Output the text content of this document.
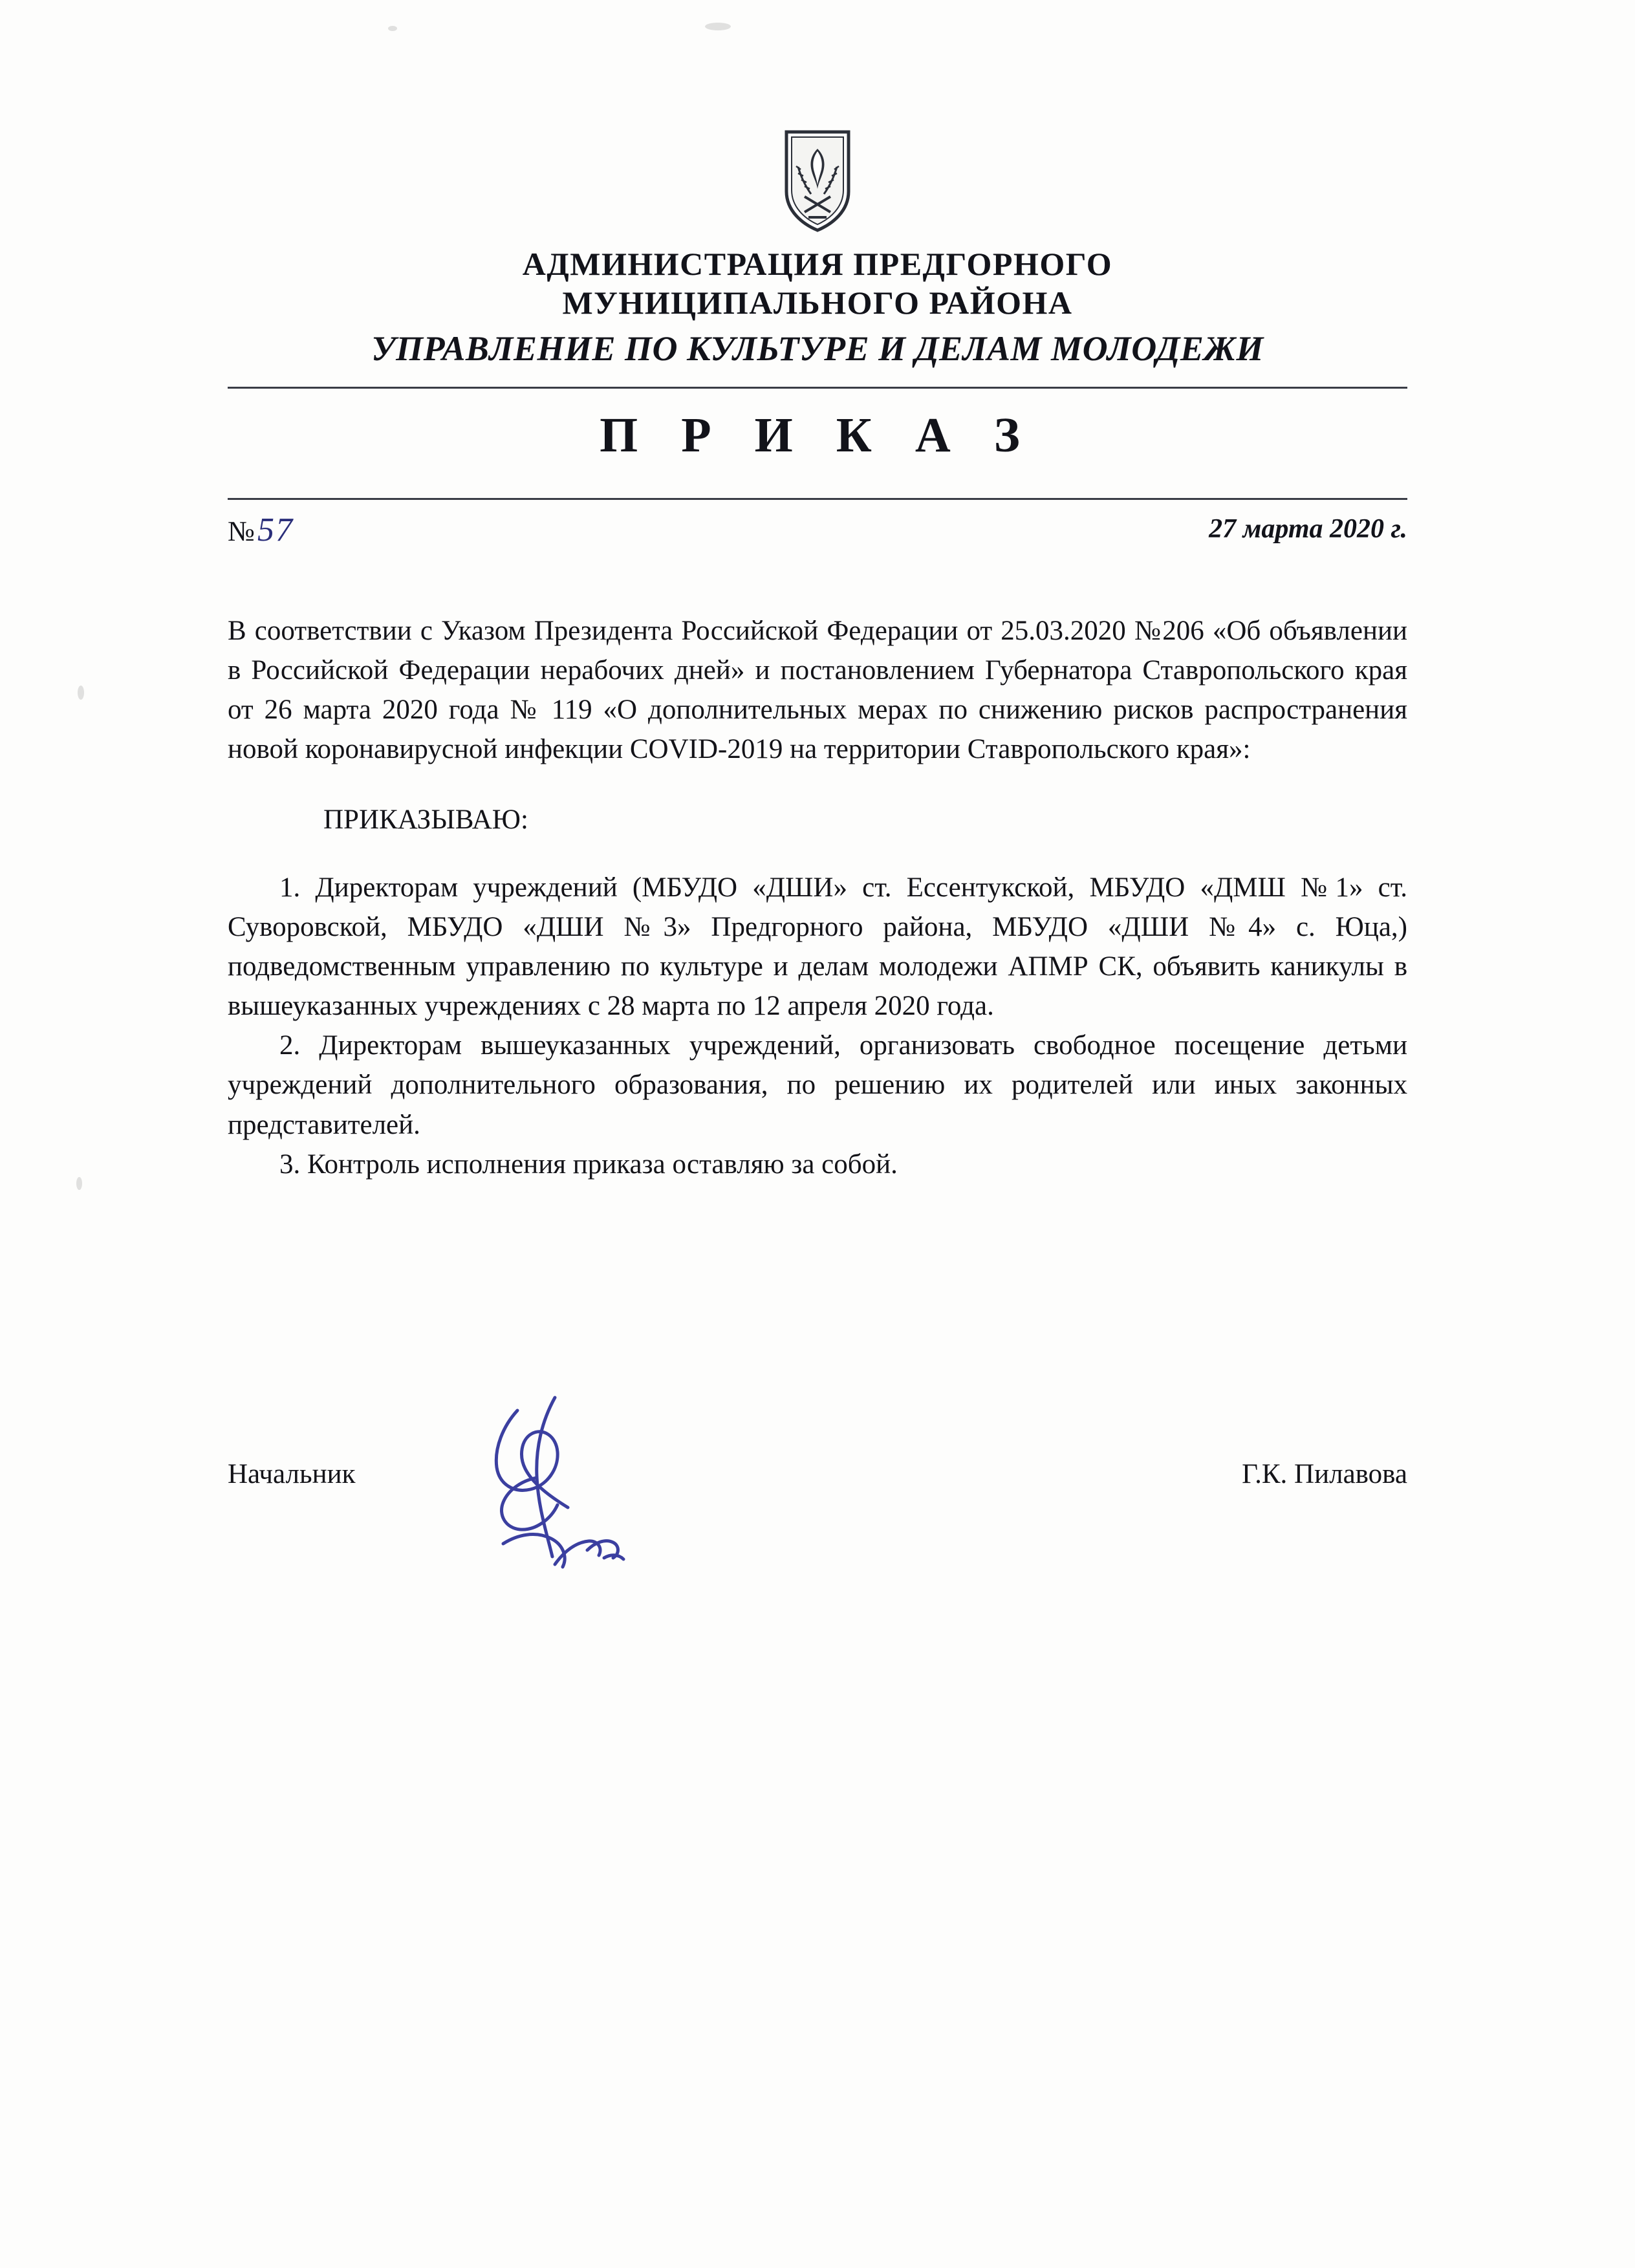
АДМИНИСТРАЦИЯ ПРЕДГОРНОГО
МУНИЦИПАЛЬНОГО РАЙОНА
УПРАВЛЕНИЕ ПО КУЛЬТУРЕ И ДЕЛАМ МОЛОДЕЖИ
П Р И К А З
№57	27 марта 2020 г.

В соответствии с Указом Президента Российской Федерации от 25.03.2020 №206 «Об объявлении в Российской Федерации нерабочих дней» и постановлением Губернатора Ставропольского края от 26 марта 2020 года № 119 «О дополнительных мерах по снижению рисков распространения новой коронавирусной инфекции COVID-2019 на территории Ставропольского края»:

ПРИКАЗЫВАЮ:

1. Директорам учреждений (МБУДО «ДШИ» ст. Ессентукской, МБУДО «ДМШ №1» ст. Суворовской, МБУДО «ДШИ №3» Предгорного района, МБУДО «ДШИ №4» с. Юца,) подведомственным управлению по культуре и делам молодежи АПМР СК, объявить каникулы в вышеуказанных учреждениях с 28 марта по 12 апреля 2020 года.

2. Директорам вышеуказанных учреждений, организовать свободное посещение детьми учреждений дополнительного образования, по решению их родителей или иных законных представителей.

3. Контроль исполнения приказа оставляю за собой.

Начальник	Г.К. Пилавова
